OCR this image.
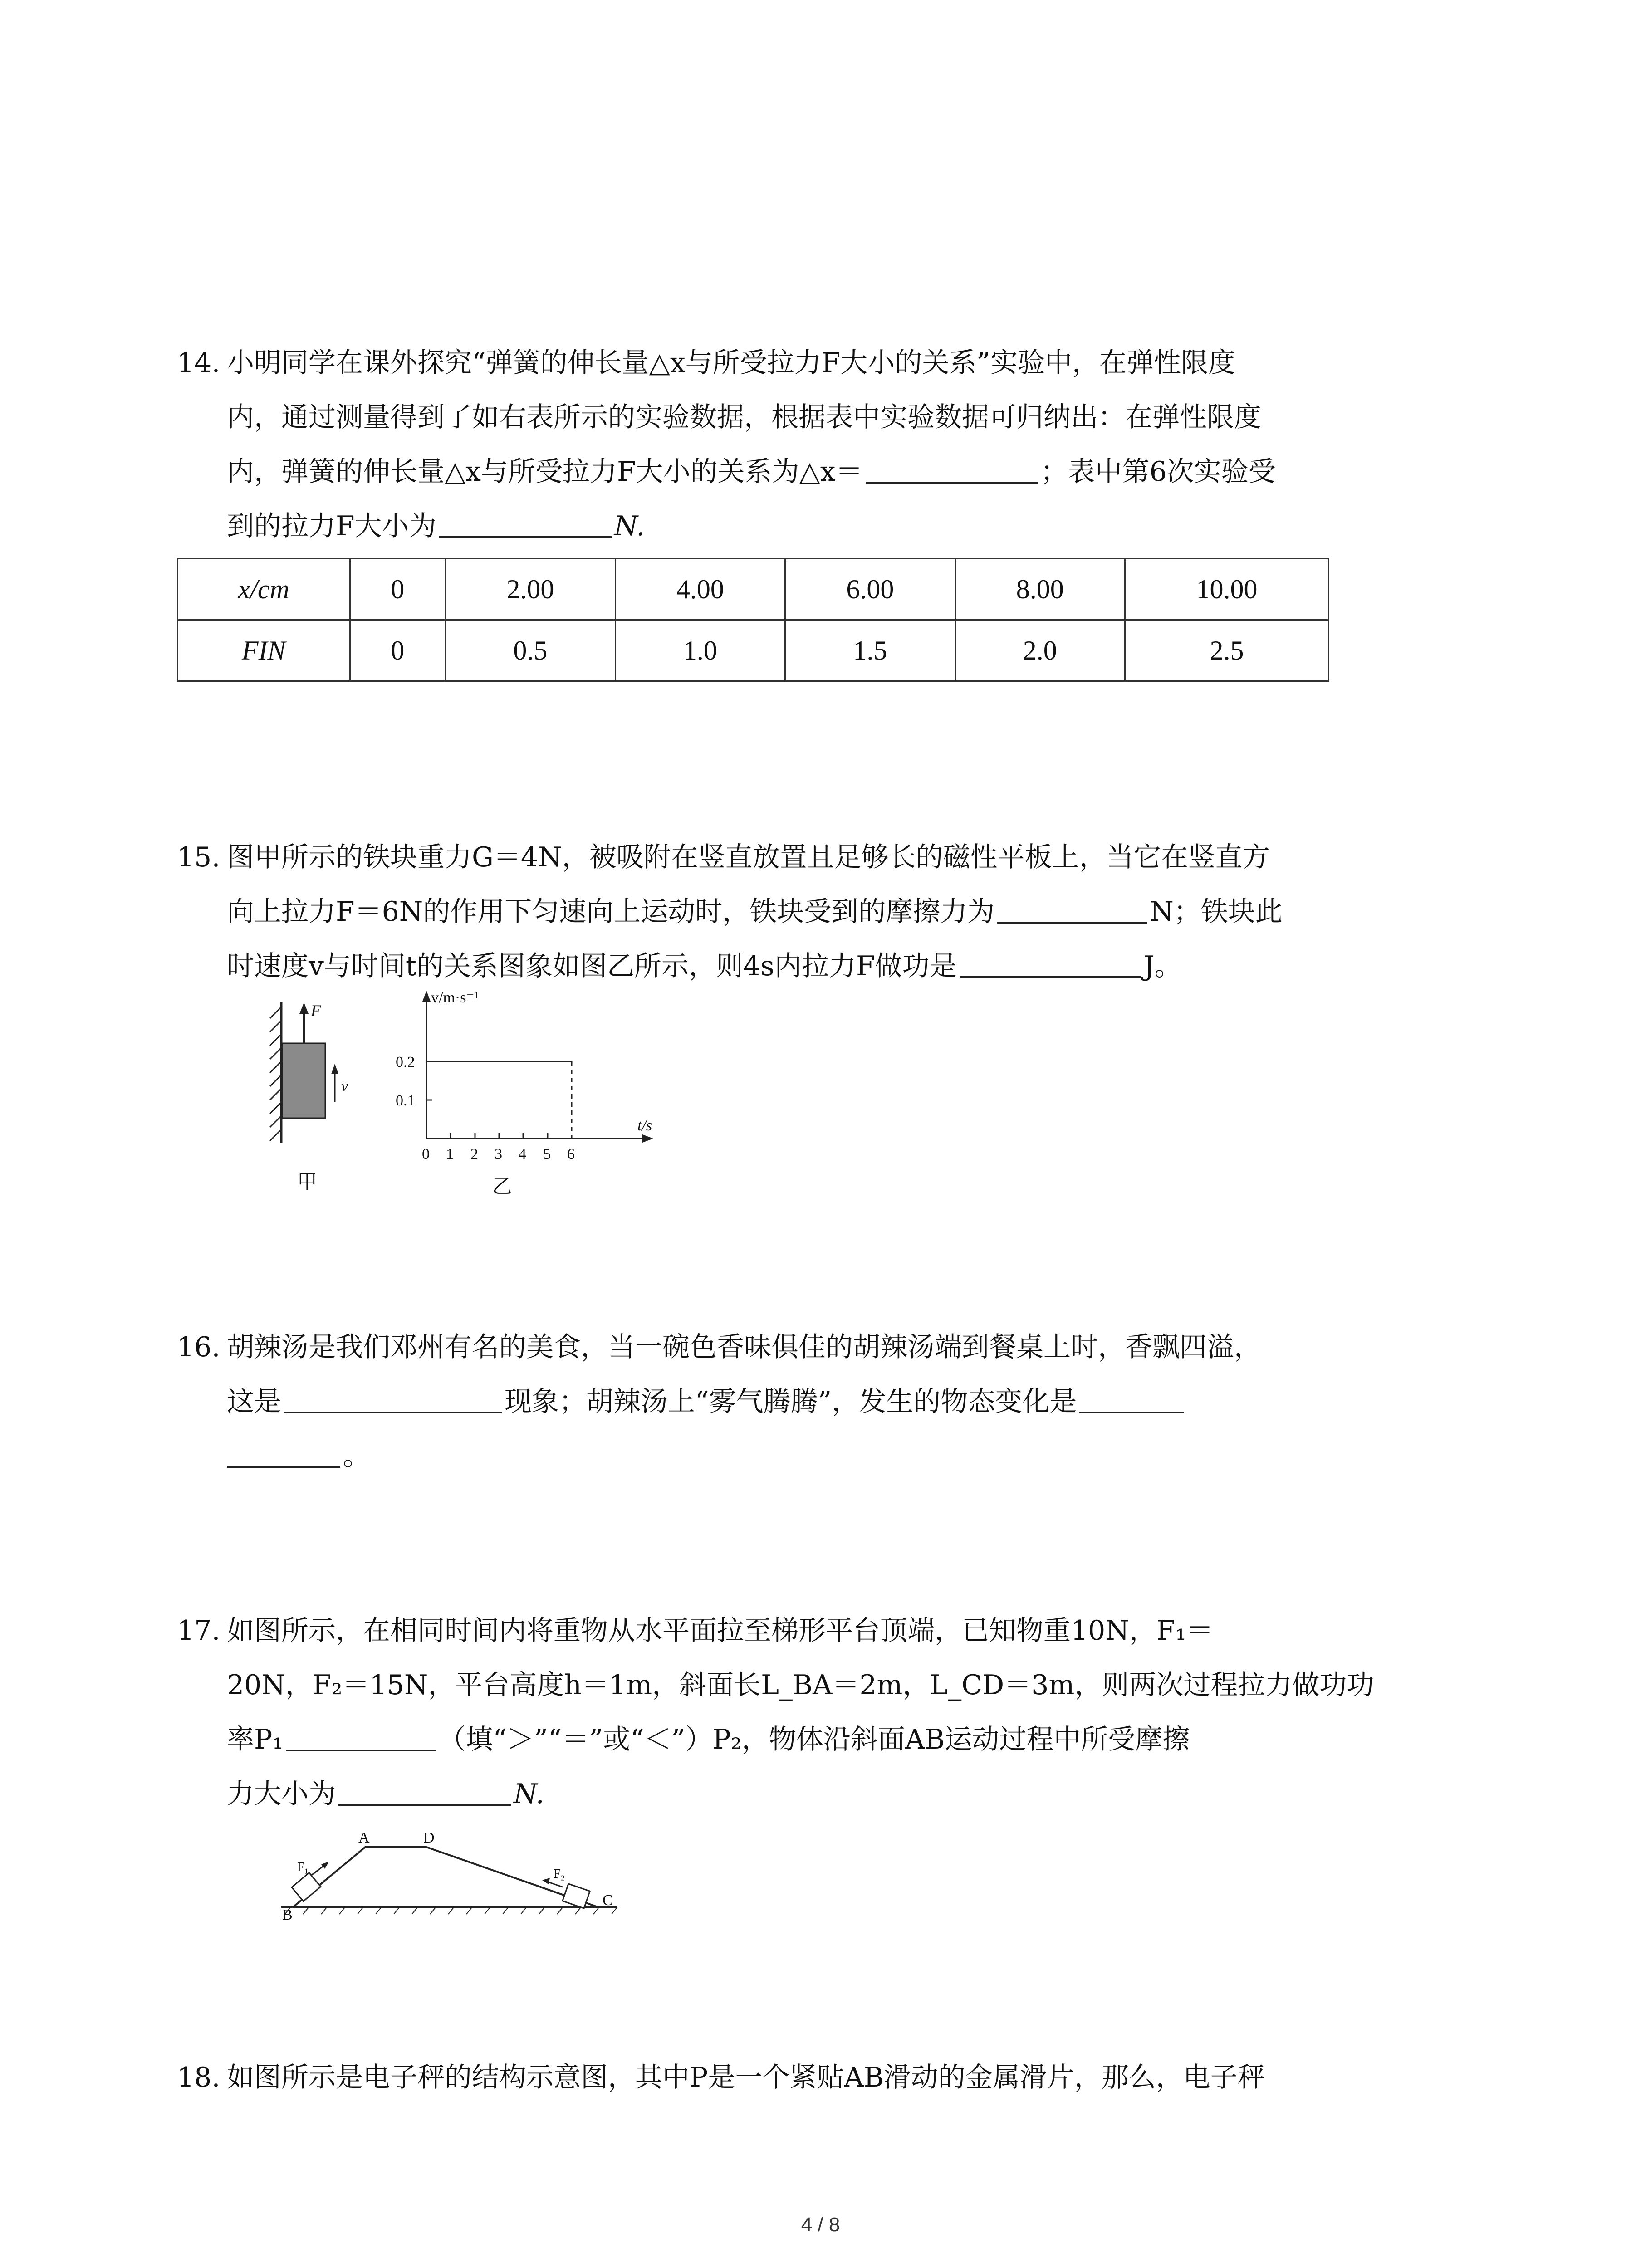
14. 小明同学在课外探究“弹簧的伸长量△x与所受拉力F大小的关系”实验中，在弹性限度
内，通过测量得到了如右表所示的实验数据，根据表中实验数据可归纳出：在弹性限度
内，弹簧的伸长量△x与所受拉力F大小的关系为△x＝	；表中第6次实验受
到的拉力F大小为	N.
x/cm	0	2.00	4.00	6.00	8.00	10.00
FIN	0	0.5	1.0	1.5	2.0	2.5
15. 图甲所示的铁块重力G＝4N，被吸附在竖直放置且足够长的磁性平板上，当它在竖直方
向上拉力F＝6N的作用下匀速向上运动时，铁块受到的摩擦力为	N；铁块此
时速度v与时间t的关系图象如图乙所示，则4s内拉力F做功是	J。
F
v
甲
v/m·s⁻¹
t/s
0.2
0.1
0 1 2 3 4 5 6
乙
16. 胡辣汤是我们邓州有名的美食，当一碗色香味俱佳的胡辣汤端到餐桌上时，香飘四溢，
这是	现象；胡辣汤上“雾气腾腾”，发生的物态变化是
。
17. 如图所示，在相同时间内将重物从水平面拉至梯形平台顶端，已知物重10N，F₁＝
20N，F₂＝15N，平台高度h＝1m，斜面长L_BA＝2m，L_CD＝3m，则两次过程拉力做功功
率P₁	（填“＞”“＝”或“＜”）P₂，物体沿斜面AB运动过程中所受摩擦
力大小为	N.
F₁	F₂
A	D
B
C
18. 如图所示是电子秤的结构示意图，其中P是一个紧贴AB滑动的金属滑片，那么，电子秤
4 / 8
